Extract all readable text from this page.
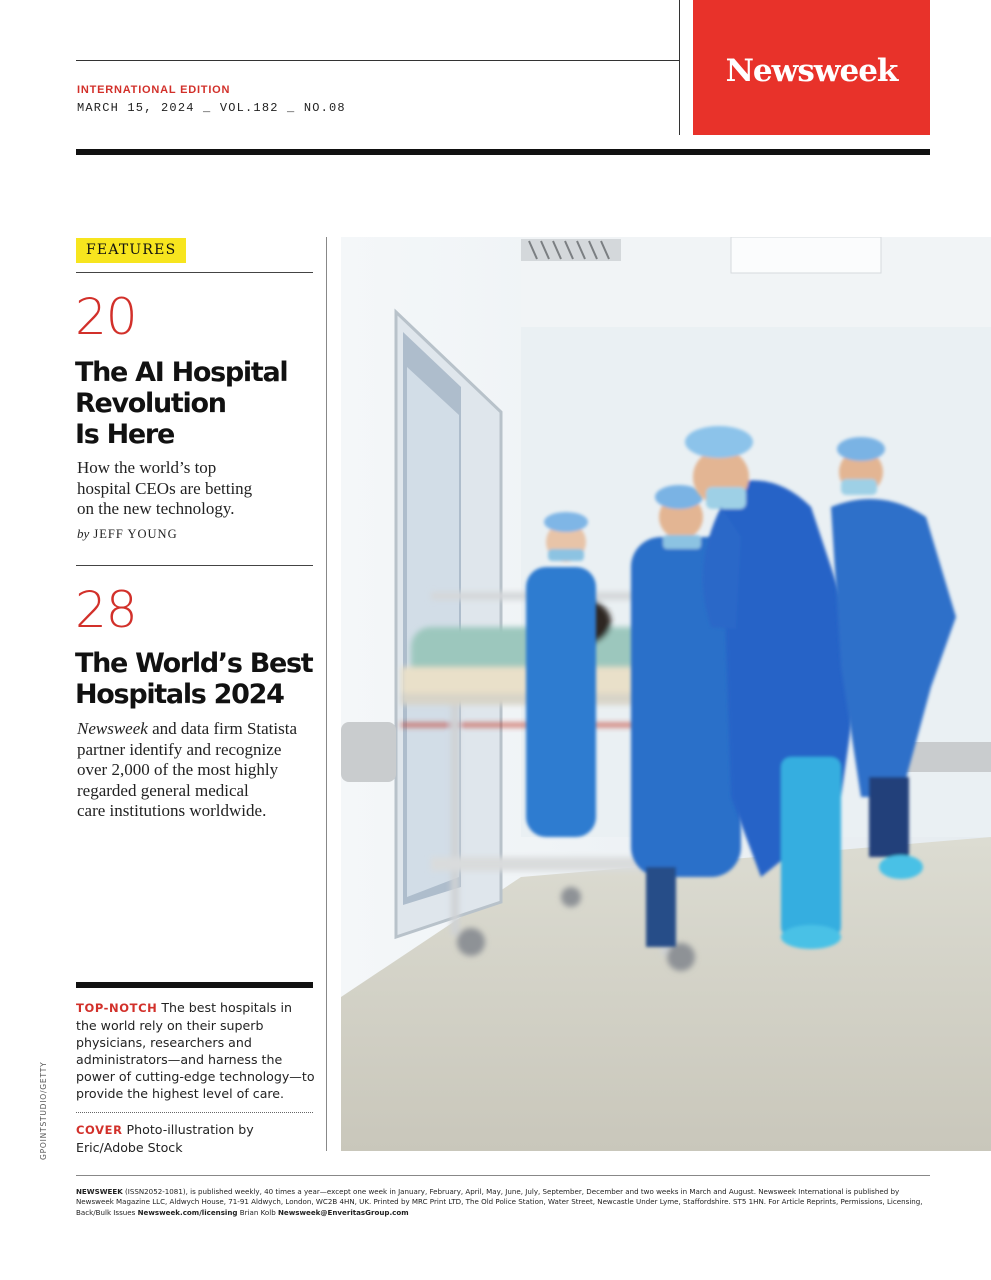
Newsweek
INTERNATIONAL EDITION
MARCH 15, 2024 _ VOL.182 _ NO.08
FEATURES
20
The AI Hospital
Revolution
Is Here
How the world’s top
hospital CEOs are betting
on the new technology.
by JEFF YOUNG
28
The World’s Best
Hospitals 2024
Newsweek and data firm Statista
partner identify and recognize
over 2,000 of the most highly
regarded general medical
care institutions worldwide.
TOP-NOTCH The best hospitals in the world rely on their superb physicians, researchers and administrators—and harness the power of cutting-edge technology—to provide the highest level of care.
COVER Photo-illustration by Eric/Adobe Stock
GPOINTSTUDIO/GETTY
NEWSWEEK (ISSN2052-1081), is published weekly, 40 times a year—except one week in January, February, April, May, June, July, September, December and two weeks in March and August. Newsweek International is published by Newsweek Magazine LLC, Aldwych House, 71-91 Aldwych, London, WC2B 4HN, UK. Printed by MRC Print LTD, The Old Police Station, Water Street, Newcastle Under Lyme, Staffordshire. ST5 1HN. For Article Reprints, Permissions, Licensing, Back/Bulk Issues Newsweek.com/licensing Brian Kolb Newsweek@EnveritasGroup.com
